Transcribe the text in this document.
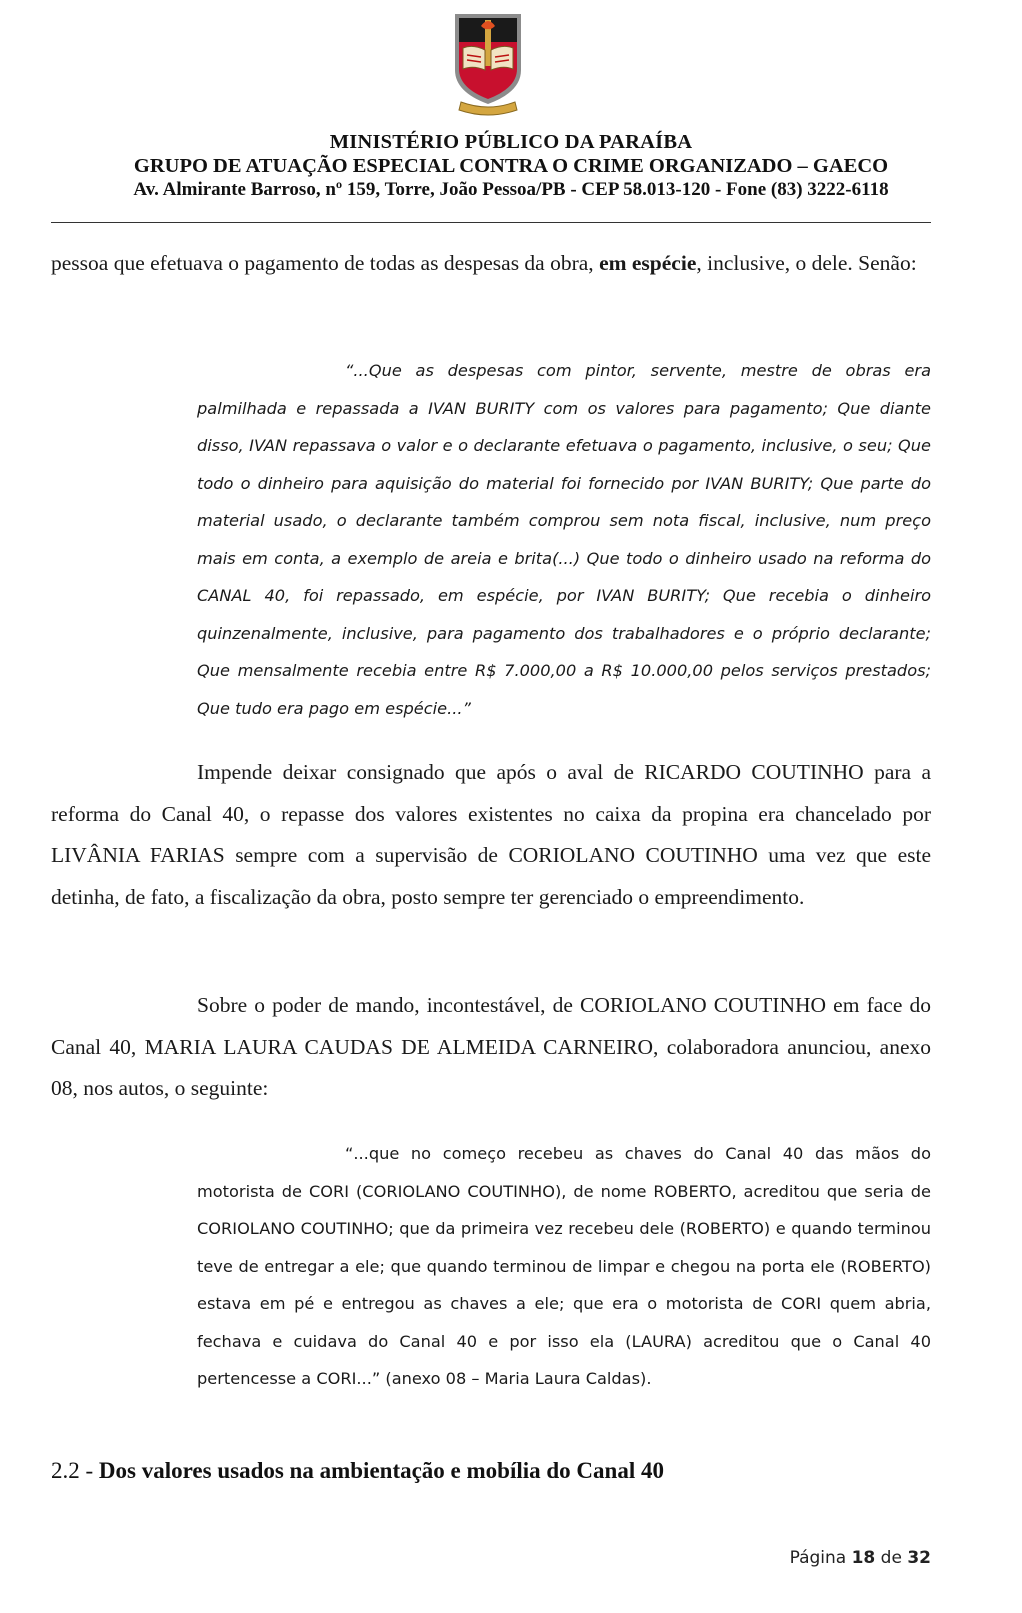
MINISTÉRIO PÚBLICO DA PARAÍBA
GRUPO DE ATUAÇÃO ESPECIAL CONTRA O CRIME ORGANIZADO – GAECO
Av. Almirante Barroso, nº 159, Torre, João Pessoa/PB - CEP 58.013-120 - Fone (83) 3222-6118
pessoa que efetuava o pagamento de todas as despesas da obra, em espécie, inclusive, o dele. Senão:
“...Que as despesas com pintor, servente, mestre de obras era palmilhada e repassada a IVAN BURITY com os valores para pagamento; Que diante disso, IVAN repassava o valor e o declarante efetuava o pagamento, inclusive, o seu; Que todo o dinheiro para aquisição do material foi fornecido por IVAN BURITY; Que parte do material usado, o declarante também comprou sem nota fiscal, inclusive, num preço mais em conta, a exemplo de areia e brita(...) Que todo o dinheiro usado na reforma do CANAL 40, foi repassado, em espécie, por IVAN BURITY; Que recebia o dinheiro quinzenalmente, inclusive, para pagamento dos trabalhadores e o próprio declarante; Que mensalmente recebia entre R$ 7.000,00 a R$ 10.000,00 pelos serviços prestados; Que tudo era pago em espécie...”
Impende deixar consignado que após o aval de RICARDO COUTINHO para a reforma do Canal 40, o repasse dos valores existentes no caixa da propina era chancelado por LIVÂNIA FARIAS sempre com a supervisão de CORIOLANO COUTINHO uma vez que este detinha, de fato, a fiscalização da obra, posto sempre ter gerenciado o empreendimento.
Sobre o poder de mando, incontestável, de CORIOLANO COUTINHO em face do Canal 40, MARIA LAURA CAUDAS DE ALMEIDA CARNEIRO, colaboradora anunciou, anexo 08, nos autos, o seguinte:
“...que no começo recebeu as chaves do Canal 40 das mãos do motorista de CORI (CORIOLANO COUTINHO), de nome ROBERTO, acreditou que seria de CORIOLANO COUTINHO; que da primeira vez recebeu dele (ROBERTO) e quando terminou teve de entregar a ele; que quando terminou de limpar e chegou na porta ele (ROBERTO) estava em pé e entregou as chaves a ele; que era o motorista de CORI quem abria, fechava e cuidava do Canal 40 e por isso ela (LAURA) acreditou que o Canal 40 pertencesse a CORI...” (anexo 08 – Maria Laura Caldas).
2.2 - Dos valores usados na ambientação e mobília do Canal 40
Página 18 de 32
